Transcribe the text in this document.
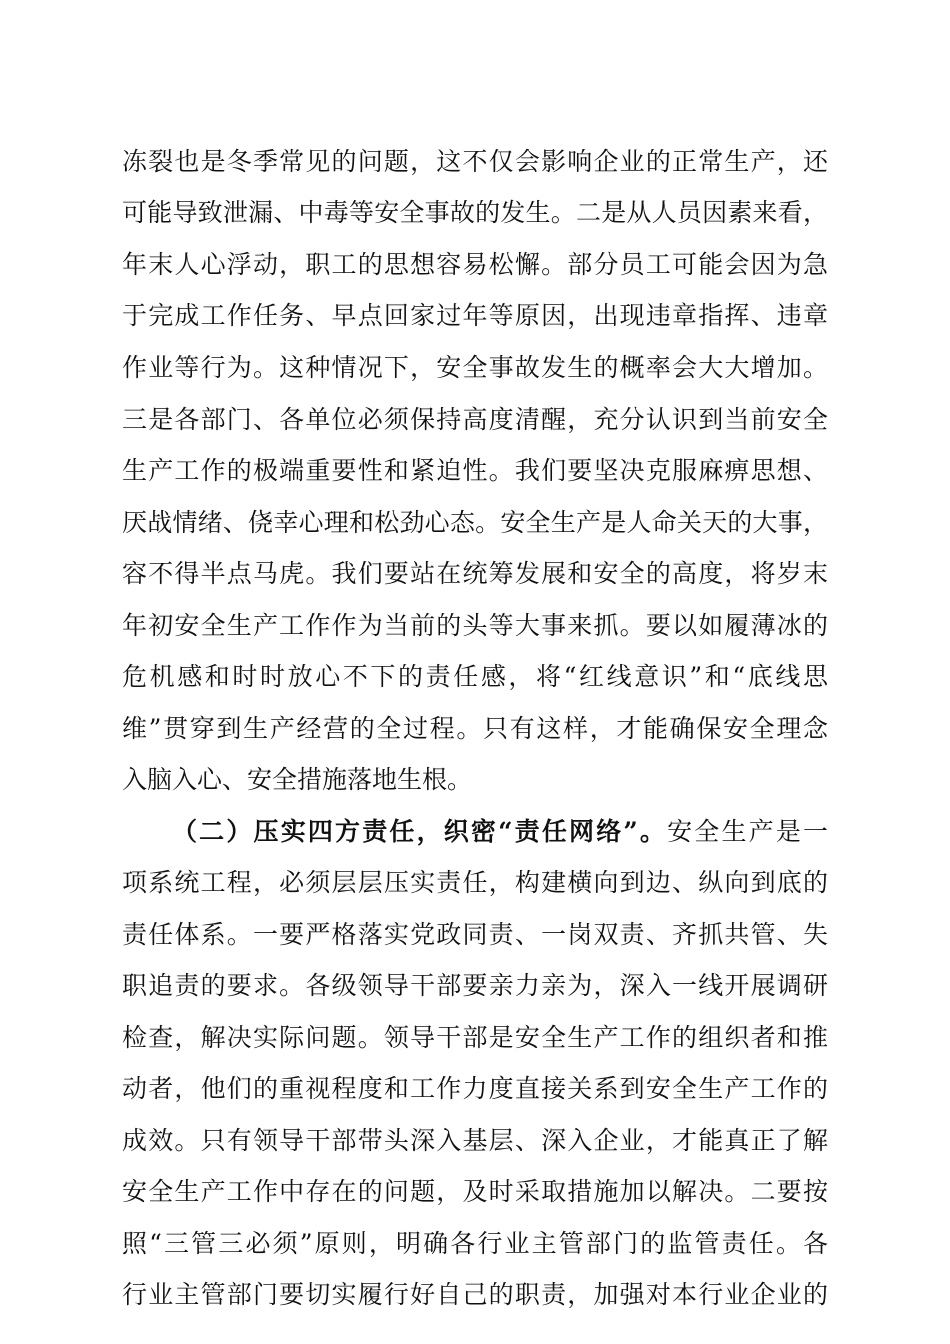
冻裂也是冬季常见的问题，这不仅会影响企业的正常生产，还
可能导致泄漏、中毒等安全事故的发生。二是从人员因素来看，
年末人心浮动，职工的思想容易松懈。部分员工可能会因为急
于完成工作任务、早点回家过年等原因，出现违章指挥、违章
作业等行为。这种情况下，安全事故发生的概率会大大增加。
三是各部门、各单位必须保持高度清醒，充分认识到当前安全
生产工作的极端重要性和紧迫性。我们要坚决克服麻痹思想、
厌战情绪、侥幸心理和松劲心态。安全生产是人命关天的大事，
容不得半点马虎。我们要站在统筹发展和安全的高度，将岁末
年初安全生产工作作为当前的头等大事来抓。要以如履薄冰的
危机感和时时放心不下的责任感，将“红线意识”和“底线思
维”贯穿到生产经营的全过程。只有这样，才能确保安全理念
入脑入心、安全措施落地生根。
（二）压实四方责任，织密“责任网络”。安全生产是一
项系统工程，必须层层压实责任，构建横向到边、纵向到底的
责任体系。一要严格落实党政同责、一岗双责、齐抓共管、失
职追责的要求。各级领导干部要亲力亲为，深入一线开展调研
检查，解决实际问题。领导干部是安全生产工作的组织者和推
动者，他们的重视程度和工作力度直接关系到安全生产工作的
成效。只有领导干部带头深入基层、深入企业，才能真正了解
安全生产工作中存在的问题，及时采取措施加以解决。二要按
照“三管三必须”原则，明确各行业主管部门的监管责任。各
行业主管部门要切实履行好自己的职责，加强对本行业企业的
